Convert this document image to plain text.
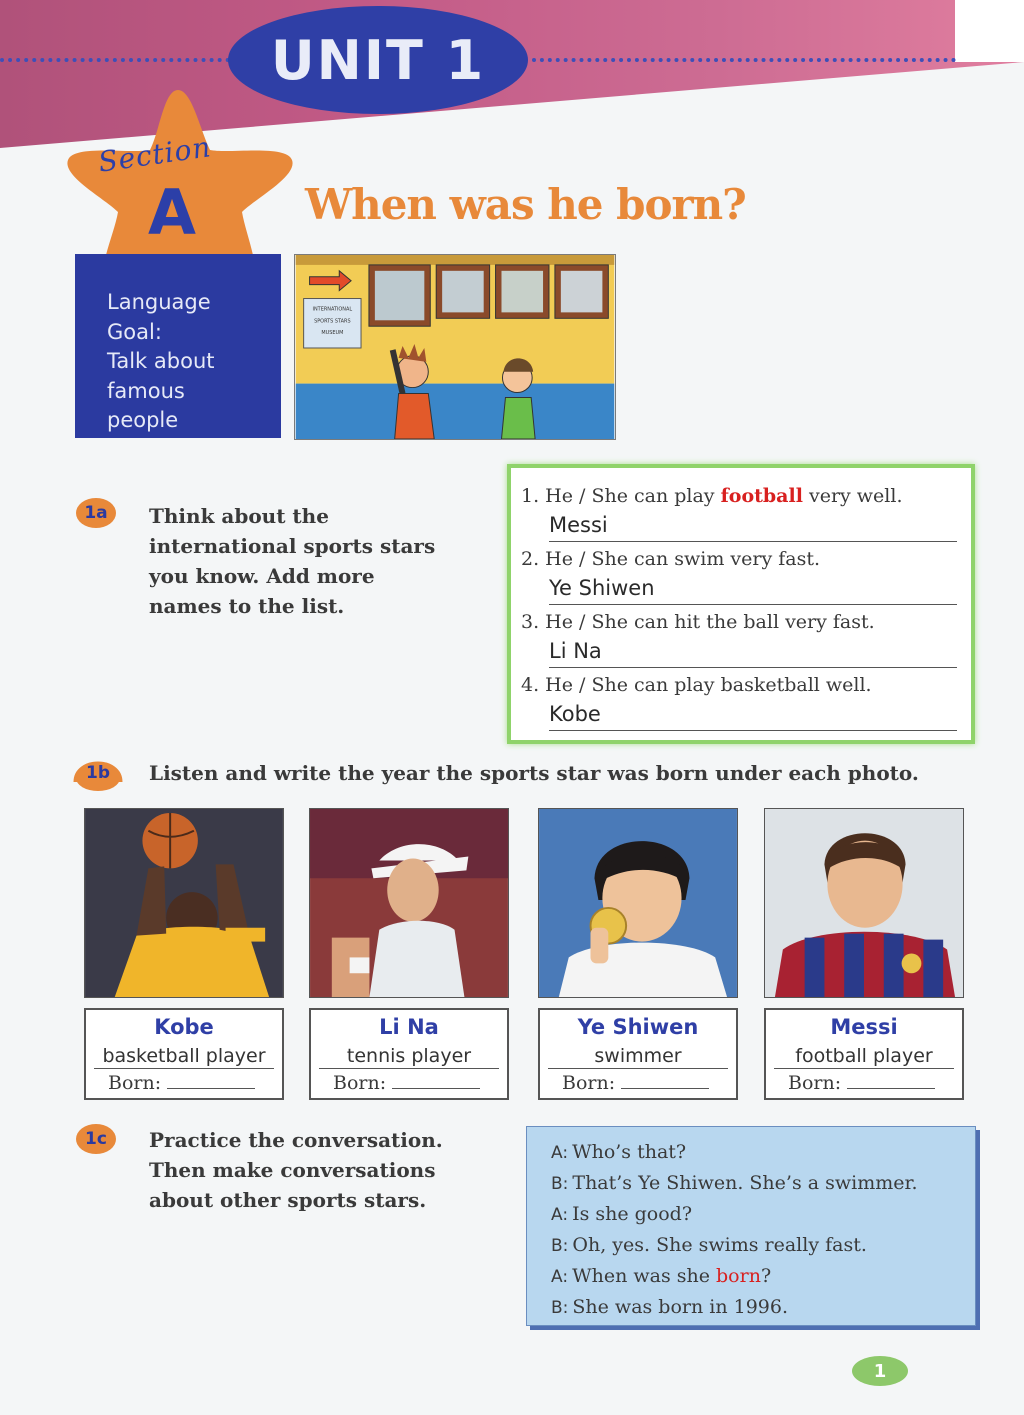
UNIT 1
Section
A	When was he born?
Language
Goal:
Talk about
famous
people
INTERNATIONAL
SPORTS STARS
MUSEUM
1a	Think about the
international sports stars
you know. Add more
names to the list.
1. He / She can play football very well.
Messi
2. He / She can swim very fast.
Ye Shiwen
3. He / She can hit the ball very fast.
Li Na
4. He / She can play basketball well.
Kobe
1b	Listen and write the year the sports star was born under each photo.
Kobe
basketball player
Born:
Li Na
tennis player
Born:
Ye Shiwen
swimmer
Born:
Messi
football player
Born:
1c	Practice the conversation.
Then make conversations
about other sports stars.
A: Who’s that?
B: That’s Ye Shiwen. She’s a swimmer.
A: Is she good?
B: Oh, yes. She swims really fast.
A: When was she born?
B: She was born in 1996.
1
